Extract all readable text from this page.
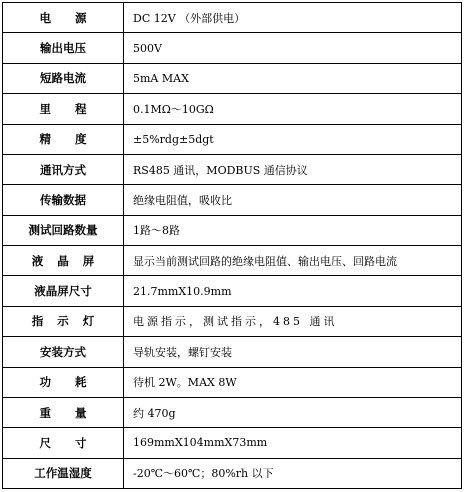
电 源	DC 12V （外部供电）
输出电压	500V
短路电流	5mA MAX
里 程	0.1MΩ～10GΩ
精 度	±5%rdg±5dgt
通讯方式	RS485 通讯，MODBUS 通信协议
传输数据	绝缘电阻值，吸收比
测试回路数量	1路～8路
液 晶 屏	显示当前测试回路的绝缘电阻值、输出电压、回路电流
液晶屏尺寸	21.7mmX10.9mm
指 示 灯	电源指示，测试指示，485 通讯
安装方式	导轨安装，螺钉安装
功 耗	待机 2W。MAX 8W
重 量	约 470g
尺 寸	169mmX104mmX73mm
工作温湿度	-20℃～60℃；80%rh 以下
